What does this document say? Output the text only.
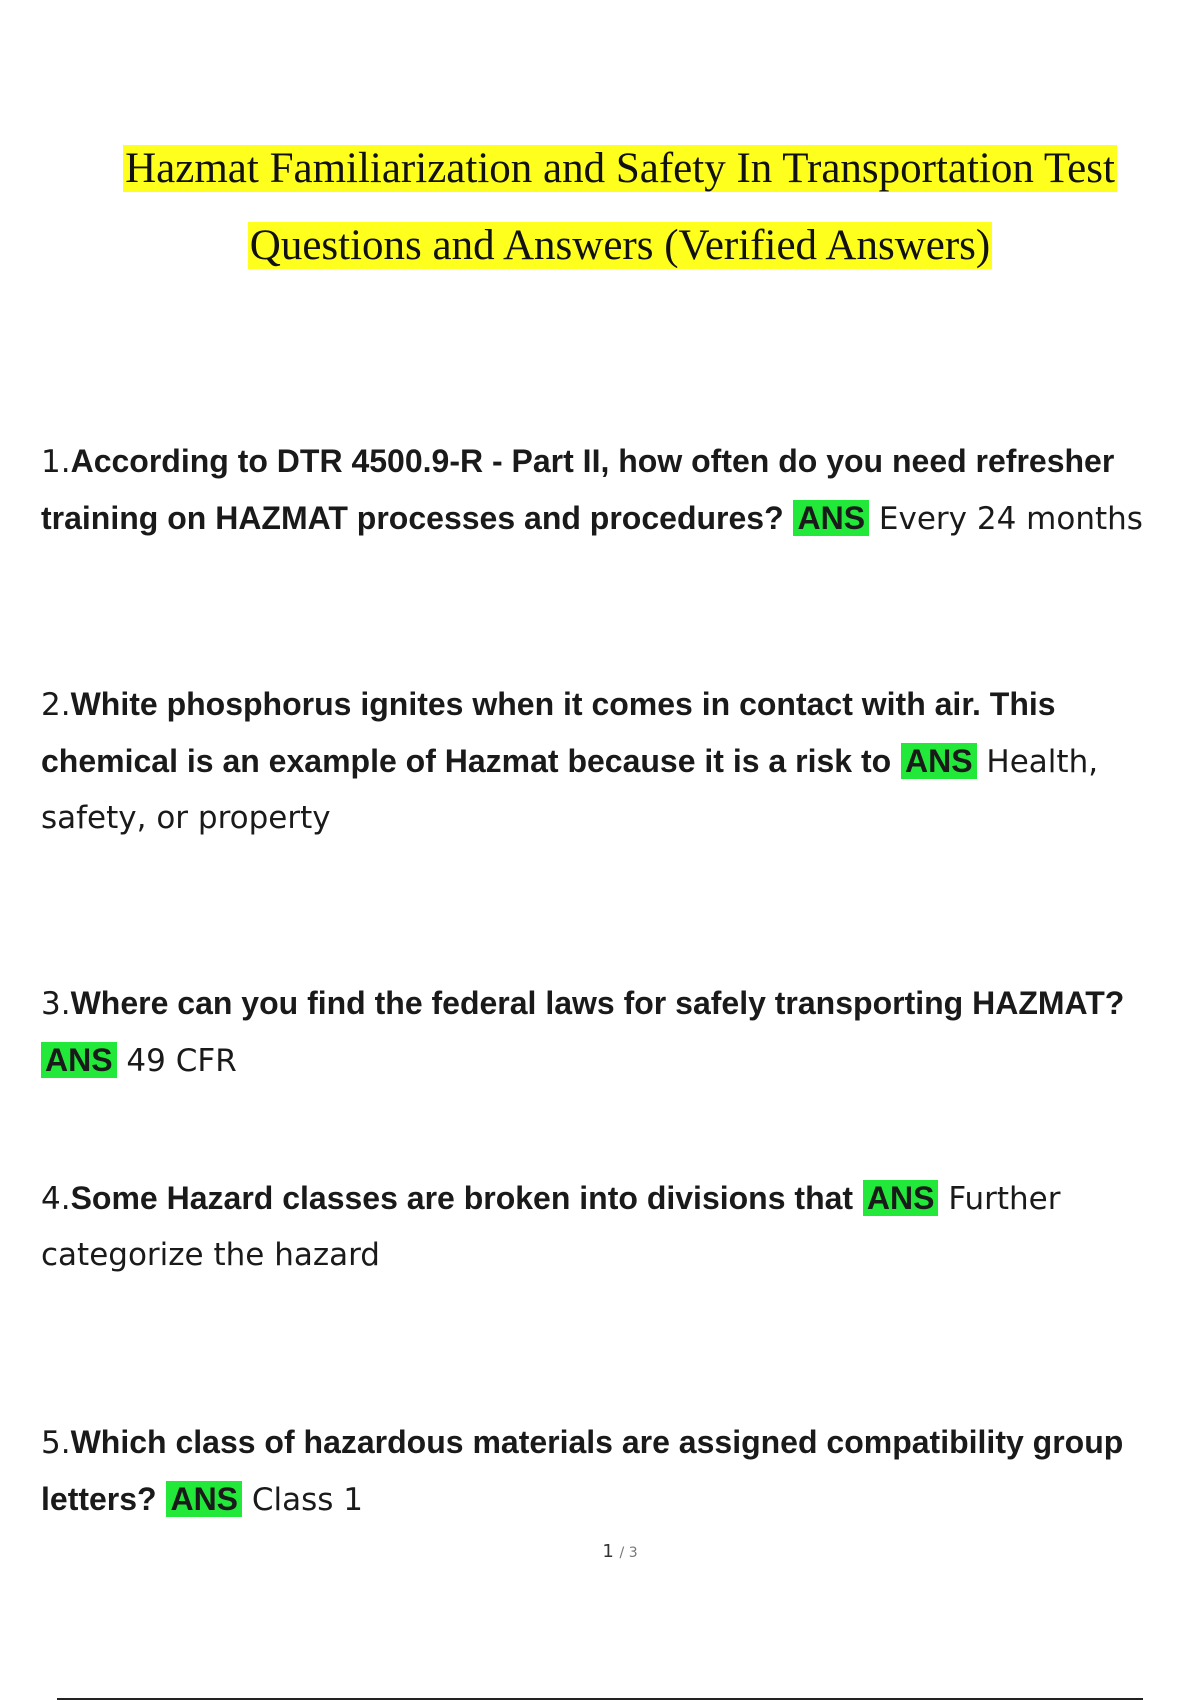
Hazmat Familiarization and Safety In Transportation Test
Questions and Answers (Verified Answers)
1.According to DTR 4500.9-R - Part II, how often do you need refresher training on HAZMAT processes and procedures? ANS Every 24 months
2.White phosphorus ignites when it comes in contact with air. This chemical is an example of Hazmat because it is a risk to ANS Health, safety, or property
3.Where can you find the federal laws for safely transporting HAZMAT? ANS 49 CFR
4.Some Hazard classes are broken into divisions that ANS Further categorize the hazard
5.Which class of hazardous materials are assigned compatibility group letters? ANS Class 1
1 / 3
